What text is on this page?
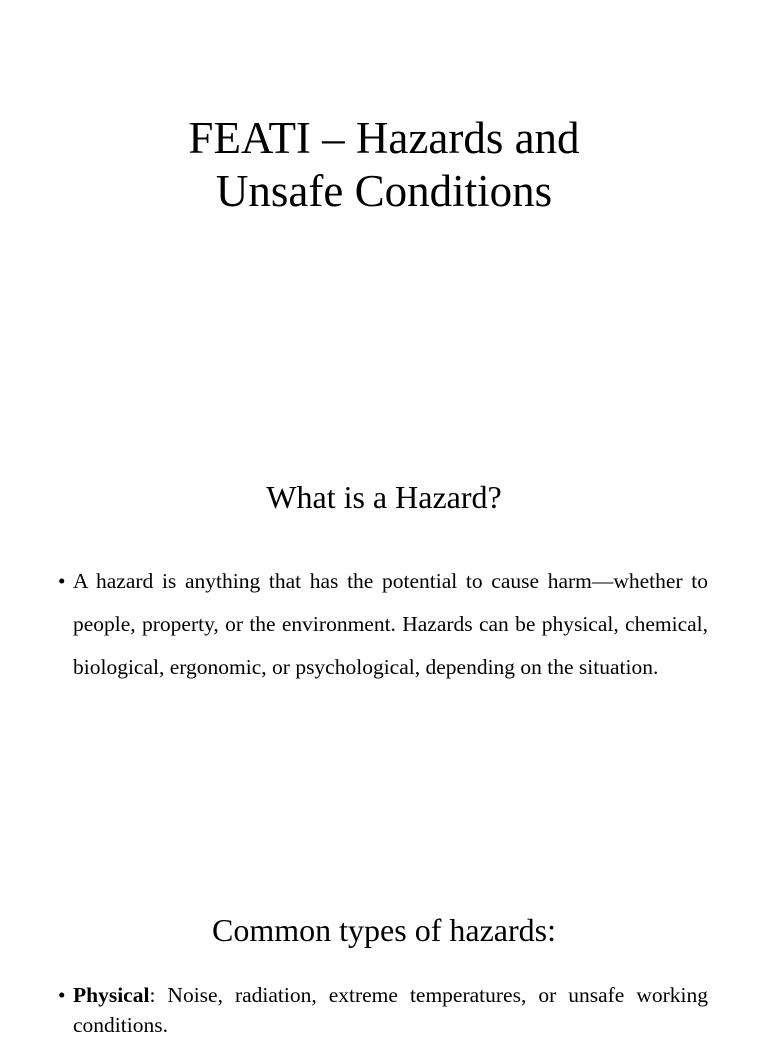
FEATI – Hazards and
Unsafe Conditions
What is a Hazard?
• A hazard is anything that has the potential to cause harm—whether to people, property, or the environment. Hazards can be physical, chemical, biological, ergonomic, or psychological, depending on the situation.
Common types of hazards:
• Physical: Noise, radiation, extreme temperatures, or unsafe working conditions.
